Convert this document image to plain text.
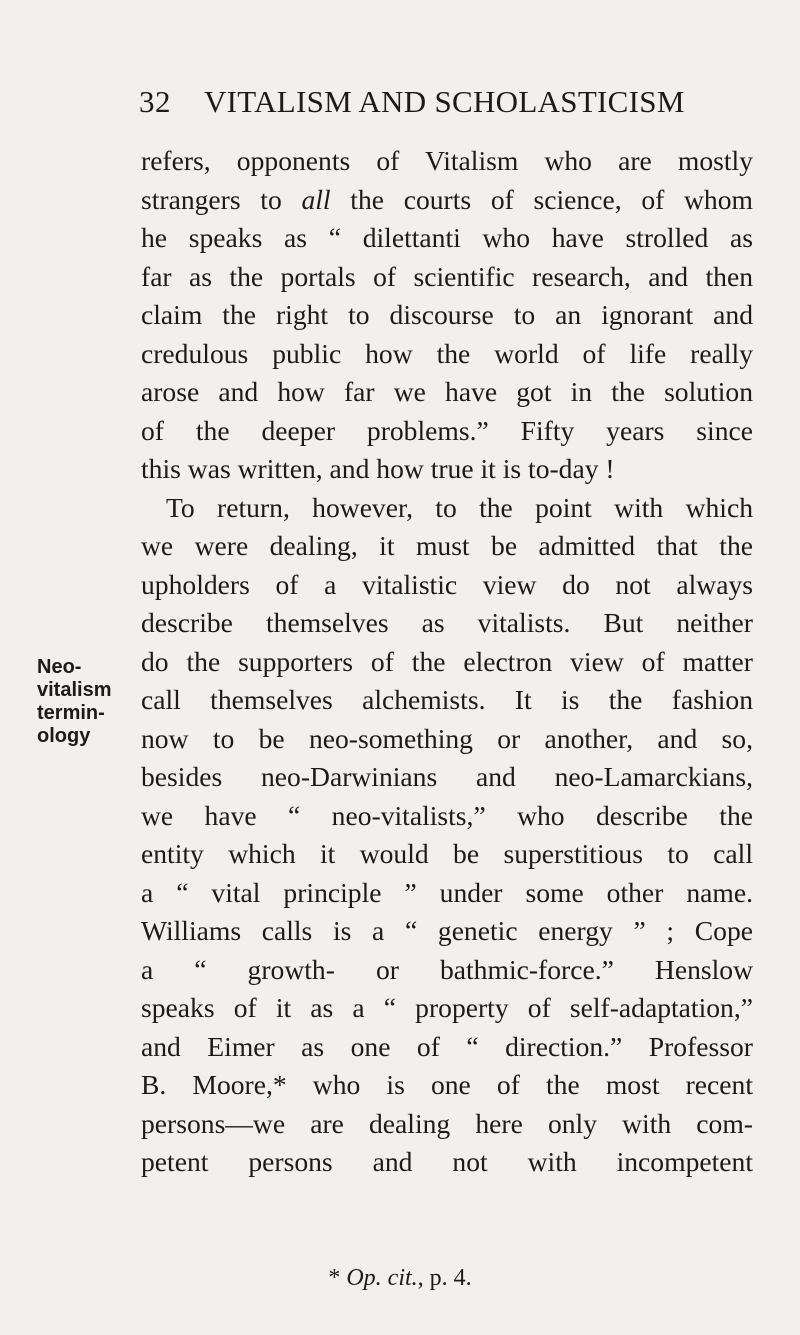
32 VITALISM AND SCHOLASTICISM
Neo-
vitalism
termin-
ology
refers, opponents of Vitalism who are mostly
strangers to all the courts of science, of whom
he speaks as “ dilettanti who have strolled as
far as the portals of scientific research, and then
claim the right to discourse to an ignorant and
credulous public how the world of life really
arose and how far we have got in the solution
of the deeper problems.” Fifty years since
this was written, and how true it is to-day !
To return, however, to the point with which
we were dealing, it must be admitted that the
upholders of a vitalistic view do not always
describe themselves as vitalists. But neither
do the supporters of the electron view of matter
call themselves alchemists. It is the fashion
now to be neo-something or another, and so,
besides neo-Darwinians and neo-Lamarckians,
we have “ neo-vitalists,” who describe the
entity which it would be superstitious to call
a “ vital principle ” under some other name.
Williams calls is a “ genetic energy ” ; Cope
a “ growth- or bathmic-force.” Henslow
speaks of it as a “ property of self-adaptation,”
and Eimer as one of “ direction.” Professor
B. Moore,* who is one of the most recent
persons—we are dealing here only with com-
petent persons and not with incompetent
* Op. cit., p. 4.
